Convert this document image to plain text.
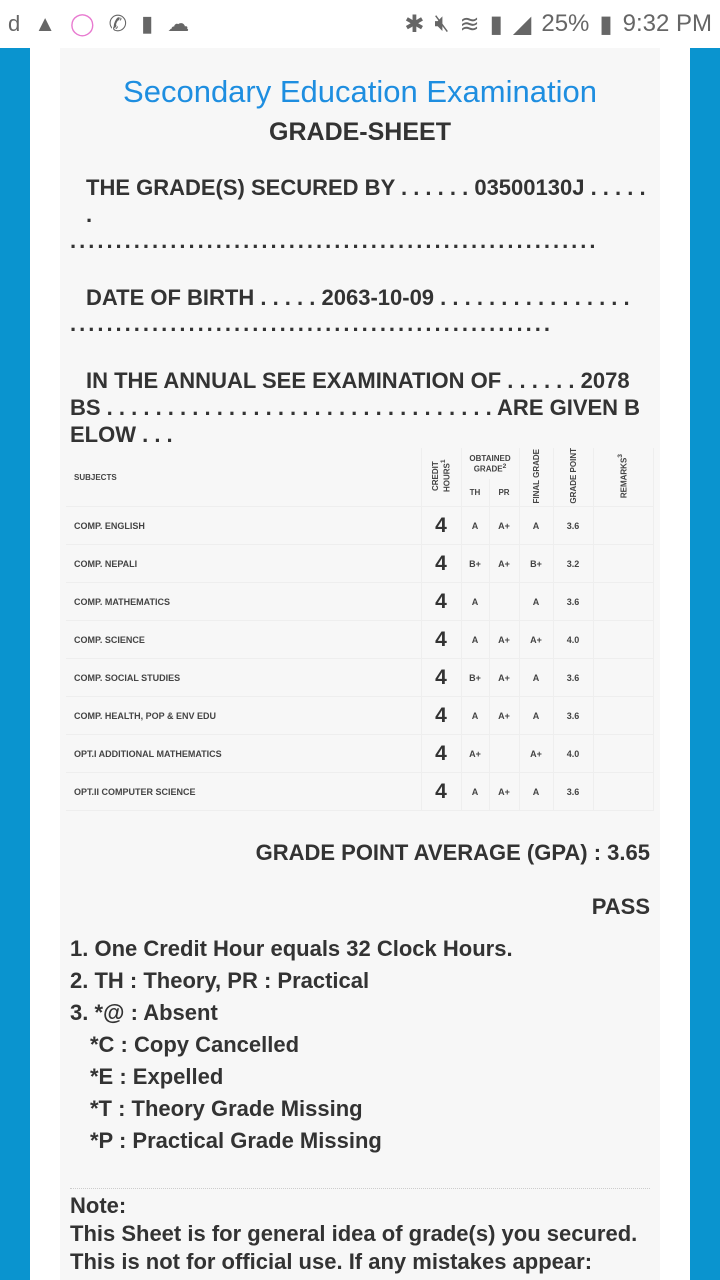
d ▲ ◯ ✆ ▮ ☁	✱ 🔇︎ ≋ ▮ ◢ 25% ▮ 9:32 PM
Secondary Education Examination
GRADE-SHEET
THE GRADE(S) SECURED BY . . . . . . 03500130J . . . . . .
..........................................................
DATE OF BIRTH . . . . . 2063-10-09 . . . . . . . . . . . . . . . .
.....................................................
IN THE ANNUAL SEE EXAMINATION OF . . . . . . 2078
BS . . . . . . . . . . . . . . . . . . . . . . . . . . . . . . . . ARE GIVEN BELOW . . .
SUBJECTS	CREDIT HOURS$^1$	OBTAINED GRADE$^2$		FINAL GRADE	GRADE POINT	REMARKS$^3$
		TH	PR			
COMP. ENGLISH	4	A	A+	A	3.6	
COMP. NEPALI	4	B+	A+	B+	3.2	
COMP. MATHEMATICS	4	A		A	3.6	
COMP. SCIENCE	4	A	A+	A+	4.0	
COMP. SOCIAL STUDIES	4	B+	A+	A	3.6	
COMP. HEALTH, POP & ENV EDU	4	A	A+	A	3.6	
OPT.I ADDITIONAL MATHEMATICS	4	A+		A+	4.0	
OPT.II COMPUTER SCIENCE	4	A	A+	A	3.6	
GRADE POINT AVERAGE (GPA) : 3.65
PASS
1. One Credit Hour equals 32 Clock Hours.
2. TH : Theory, PR : Practical
3. *@ : Absent
*C : Copy Cancelled
*E : Expelled
*T : Theory Grade Missing
*P : Practical Grade Missing
Note:
This Sheet is for general idea of grade(s) you secured.
This is not for official use. If any mistakes appear:
